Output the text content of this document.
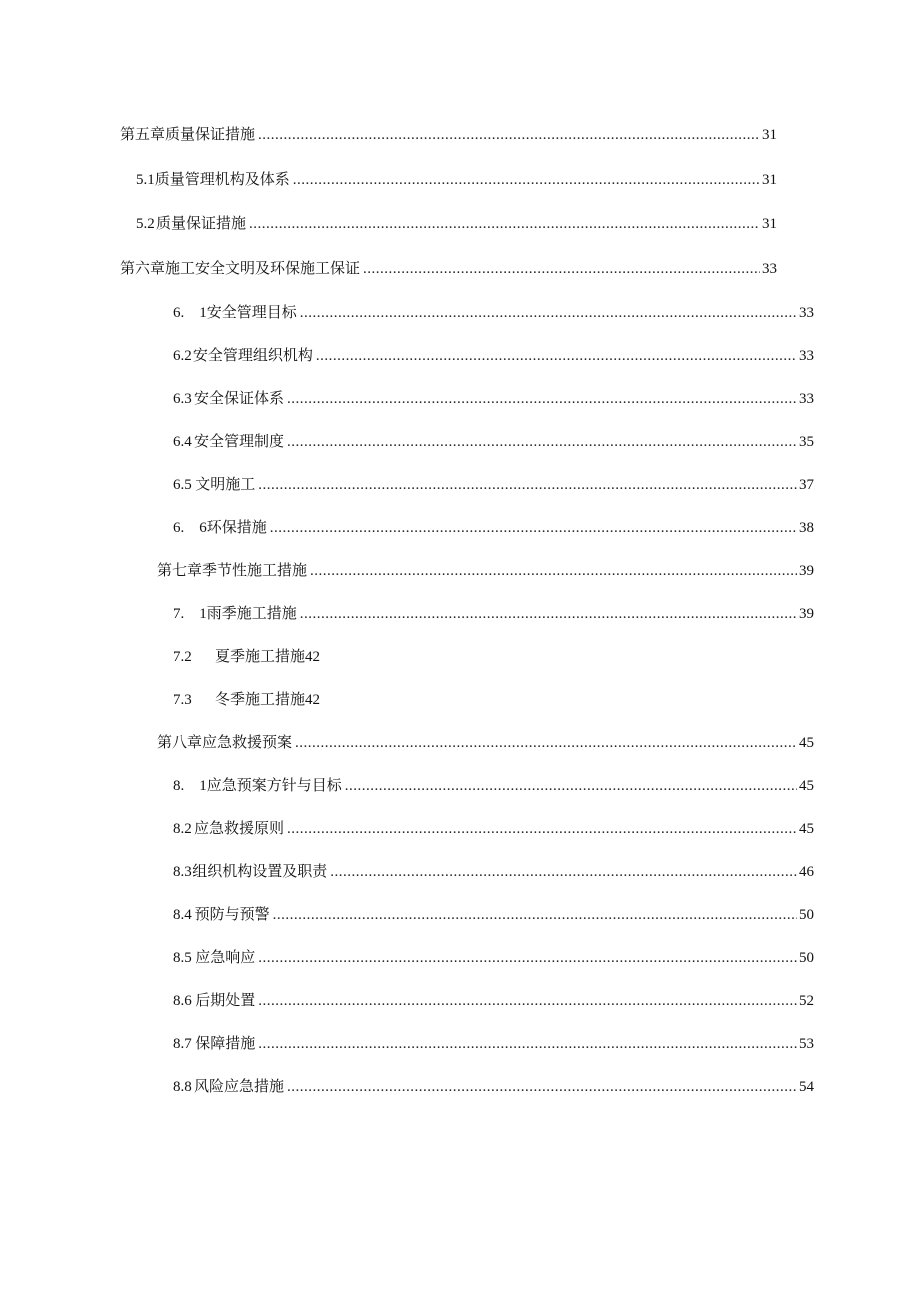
第五章质量保证措施 .....	31
5.1 质量管理机构及体系 .....	31
5.2 质量保证措施 .....	31
第六章施工安全文明及环保施工保证 .....	33
6.　1 安全管理目标 .....	33
6.2 安全管理组织机构 .....	33
6.3 安全保证体系 .....	33
6.4 安全管理制度 .....	35
6.5 文明施工 .....	37
6.　6 环保措施 .....	38
第七章季节性施工措施 .....	39
7.　1 雨季施工措施 .....	39
7.2	夏季施工措施 42
7.3	冬季施工措施 42
第八章应急救援预案 .....	45
8.　1 应急预案方针与目标 .....	45
8.2 应急救援原则 .....	45
8.3 组织机构设置及职责 .....	46
8.4 预防与预警 .....	50
8.5 应急响应 .....	50
8.6 后期处置 .....	52
8.7 保障措施 .....	53
8.8 风险应急措施 .....	54
